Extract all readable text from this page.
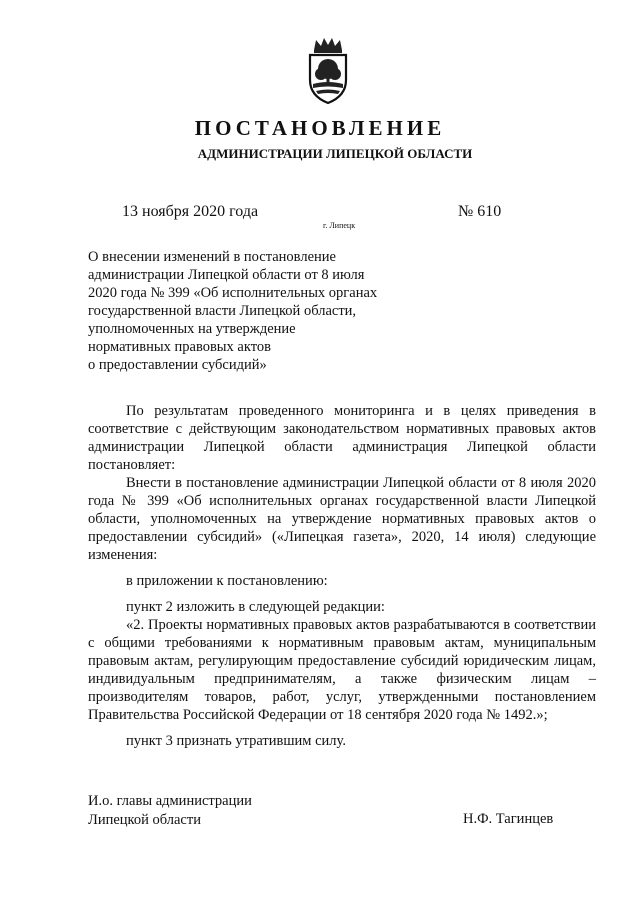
ПОСТАНОВЛЕНИЕ
АДМИНИСТРАЦИИ ЛИПЕЦКОЙ ОБЛАСТИ
13 ноября 2020 года
г. Липецк
№ 610
О внесении изменений в постановление
администрации Липецкой области от 8 июля
2020 года № 399 «Об исполнительных органах
государственной власти Липецкой области,
уполномоченных на утверждение
нормативных правовых актов
о предоставлении субсидий»

По результатам проведенного мониторинга и в целях приведения в соответствие с действующим законодательством нормативных правовых актов администрации Липецкой области администрация Липецкой области постановляет:

Внести в постановление администрации Липецкой области от 8 июля 2020 года № 399 «Об исполнительных органах государственной власти Липецкой области, уполномоченных на утверждение нормативных правовых актов о предоставлении субсидий» («Липецкая газета», 2020, 14 июля) следующие изменения:

в приложении к постановлению:

пункт 2 изложить в следующей редакции:

«2. Проекты нормативных правовых актов разрабатываются в соответствии с общими требованиями к нормативным правовым актам, муниципальным правовым актам, регулирующим предоставление субсидий юридическим лицам, индивидуальным предпринимателям, а также физическим лицам – производителям товаров, работ, услуг, утвержденными постановлением Правительства Российской Федерации от 18 сентября 2020 года № 1492.»;

пункт 3 признать утратившим силу.

И.о. главы администрации
Липецкой области	Н.Ф. Тагинцев
